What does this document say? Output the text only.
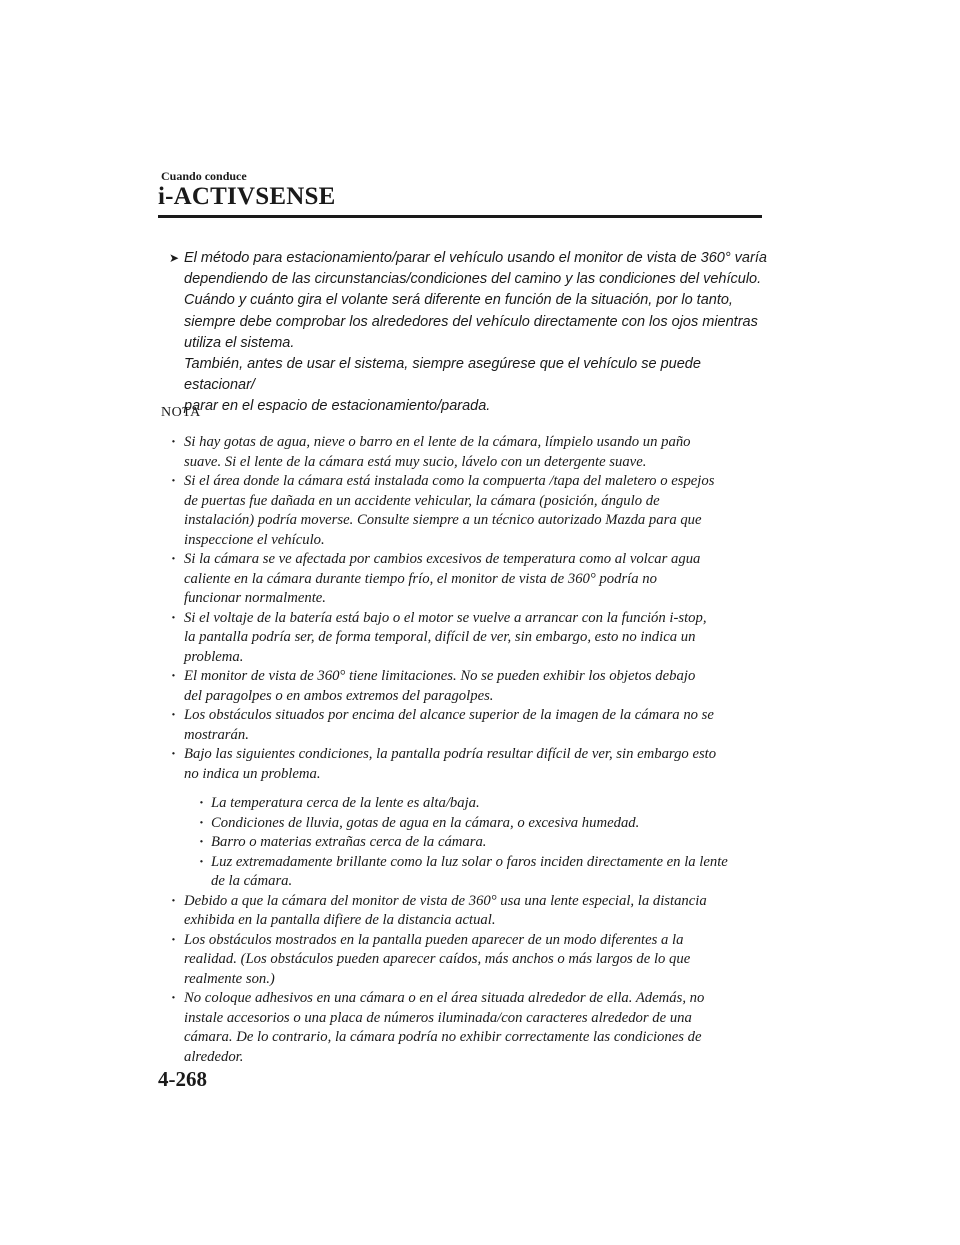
Cuando conduce
i-ACTIVSENSE
➤ El método para estacionamiento/parar el vehículo usando el monitor de vista de 360° varía
dependiendo de las circunstancias/condiciones del camino y las condiciones del vehículo.
Cuándo y cuánto gira el volante será diferente en función de la situación, por lo tanto,
siempre debe comprobar los alrededores del vehículo directamente con los ojos mientras
utiliza el sistema.
También, antes de usar el sistema, siempre asegúrese que el vehículo se puede estacionar/
parar en el espacio de estacionamiento/parada.
NOTA
· Si hay gotas de agua, nieve o barro en el lente de la cámara, límpielo usando un paño
suave. Si el lente de la cámara está muy sucio, lávelo con un detergente suave.
· Si el área donde la cámara está instalada como la compuerta /tapa del maletero o espejos
de puertas fue dañada en un accidente vehicular, la cámara (posición, ángulo de
instalación) podría moverse. Consulte siempre a un técnico autorizado Mazda para que
inspeccione el vehículo.
· Si la cámara se ve afectada por cambios excesivos de temperatura como al volcar agua
caliente en la cámara durante tiempo frío, el monitor de vista de 360° podría no
funcionar normalmente.
· Si el voltaje de la batería está bajo o el motor se vuelve a arrancar con la función i-stop,
la pantalla podría ser, de forma temporal, difícil de ver, sin embargo, esto no indica un
problema.
· El monitor de vista de 360° tiene limitaciones. No se pueden exhibir los objetos debajo
del paragolpes o en ambos extremos del paragolpes.
· Los obstáculos situados por encima del alcance superior de la imagen de la cámara no se
mostrarán.
· Bajo las siguientes condiciones, la pantalla podría resultar difícil de ver, sin embargo esto
no indica un problema.
· La temperatura cerca de la lente es alta/baja.
· Condiciones de lluvia, gotas de agua en la cámara, o excesiva humedad.
· Barro o materias extrañas cerca de la cámara.
· Luz extremadamente brillante como la luz solar o faros inciden directamente en la lente
de la cámara.
· Debido a que la cámara del monitor de vista de 360° usa una lente especial, la distancia
exhibida en la pantalla difiere de la distancia actual.
· Los obstáculos mostrados en la pantalla pueden aparecer de un modo diferentes a la
realidad. (Los obstáculos pueden aparecer caídos, más anchos o más largos de lo que
realmente son.)
· No coloque adhesivos en una cámara o en el área situada alrededor de ella. Además, no
instale accesorios o una placa de números iluminada/con caracteres alrededor de una
cámara. De lo contrario, la cámara podría no exhibir correctamente las condiciones de
alrededor.
4-268
